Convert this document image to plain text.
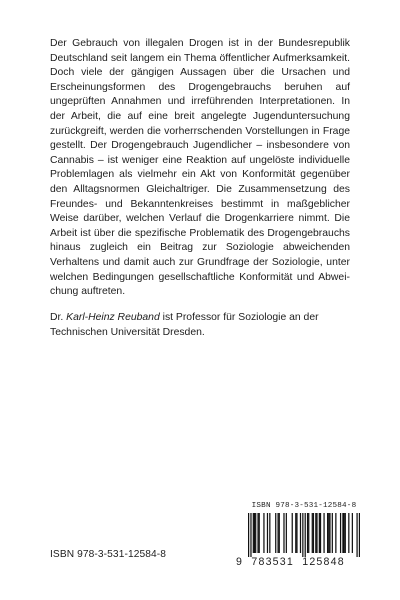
Der Gebrauch von illegalen Drogen ist in der Bundesrepublik Deutschland seit langem ein Thema öffentlicher Aufmerksamkeit. Doch viele der gängigen Aussagen über die Ursachen und Erscheinungsformen des Drogengebrauchs beruhen auf ungeprüften Annahmen und irreführenden Interpretationen. In der Arbeit, die auf eine breit angelegte Jugenduntersuchung zurückgreift, werden die vorherrschenden Vorstellungen in Frage gestellt. Der Drogengebrauch Jugendlicher – insbesondere von Cannabis – ist weniger eine Reaktion auf ungelöste individuelle Problemlagen als vielmehr ein Akt von Konformität gegenüber den Alltagsnormen Gleichaltriger. Die Zusammensetzung des Freundes- und Bekanntenkreises bestimmt in maßgeblicher Weise darüber, welchen Verlauf die Drogenkarriere nimmt. Die Arbeit ist über die spezifische Problematik des Drogengebrauchs hinaus zugleich ein Beitrag zur Soziologie abweichenden Verhaltens und damit auch zur Grundfrage der Soziologie, unter welchen Bedingungen gesellschaftliche Konformität und Abweichung auftreten.

Dr. Karl-Heinz Reuband ist Professor für Soziologie an der Technischen Universität Dresden.

ISBN 978-3-531-12584-8
ISBN 978-3-531-12584-8
9 783531 125848
